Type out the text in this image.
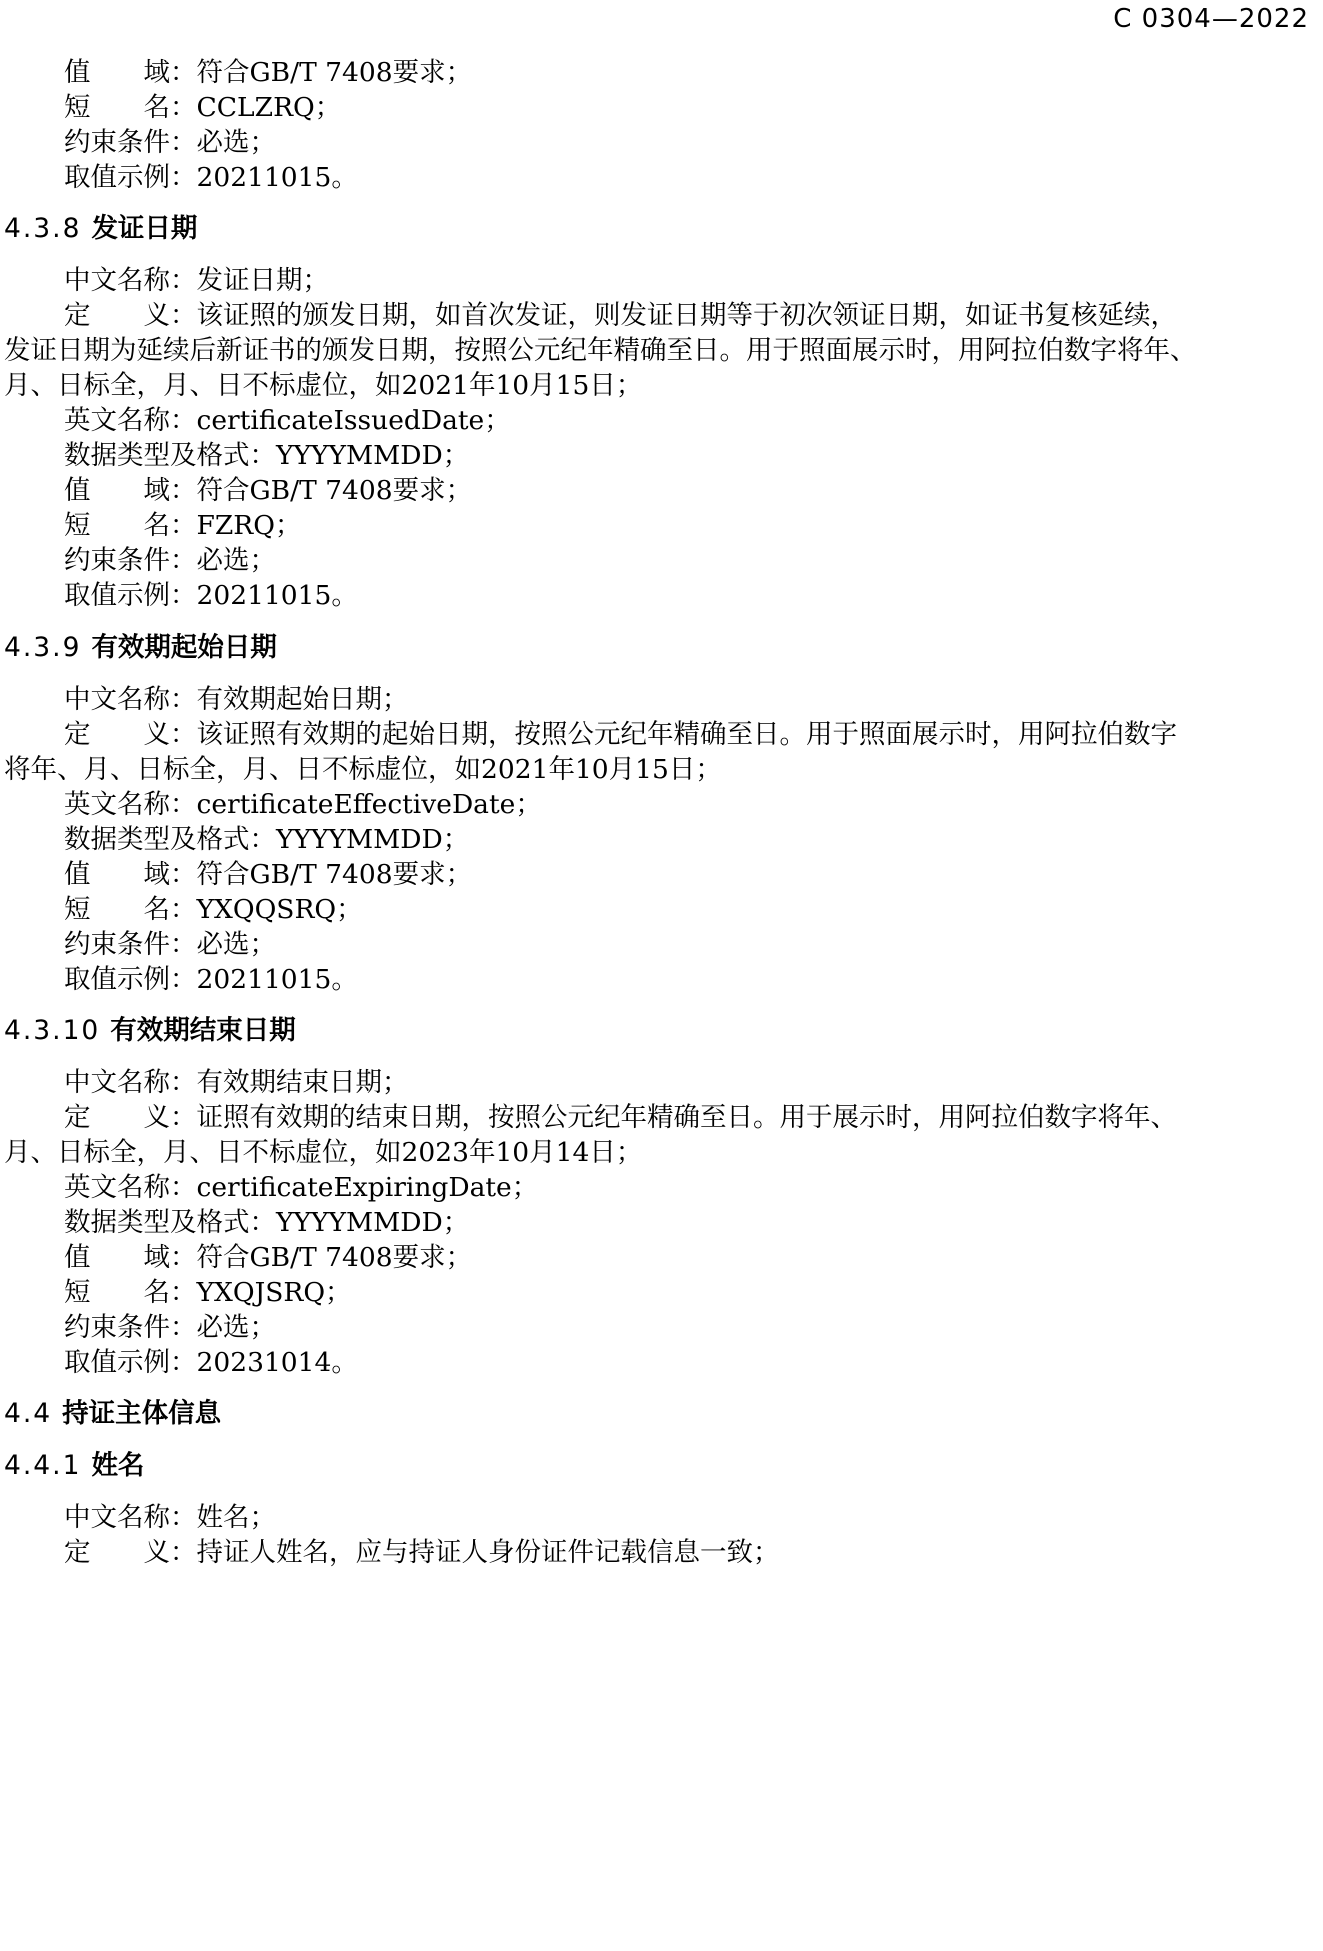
C 0304—2022
值　　域：符合GB/T 7408要求；
短　　名：CCLZRQ；
约束条件：必选；
取值示例：20211015。
4.3.8 发证日期
中文名称：发证日期；
定　　义：该证照的颁发日期，如首次发证，则发证日期等于初次领证日期，如证书复核延续，
发证日期为延续后新证书的颁发日期，按照公元纪年精确至日。用于照面展示时，用阿拉伯数字将年、
月、日标全，月、日不标虚位，如2021年10月15日；
英文名称：certificateIssuedDate；
数据类型及格式：YYYYMMDD；
值　　域：符合GB/T 7408要求；
短　　名：FZRQ；
约束条件：必选；
取值示例：20211015。
4.3.9 有效期起始日期
中文名称：有效期起始日期；
定　　义：该证照有效期的起始日期，按照公元纪年精确至日。用于照面展示时，用阿拉伯数字
将年、月、日标全，月、日不标虚位，如2021年10月15日；
英文名称：certificateEffectiveDate；
数据类型及格式：YYYYMMDD；
值　　域：符合GB/T 7408要求；
短　　名：YXQQSRQ；
约束条件：必选；
取值示例：20211015。
4.3.10 有效期结束日期
中文名称：有效期结束日期；
定　　义：证照有效期的结束日期，按照公元纪年精确至日。用于展示时，用阿拉伯数字将年、
月、日标全，月、日不标虚位，如2023年10月14日；
英文名称：certificateExpiringDate；
数据类型及格式：YYYYMMDD；
值　　域：符合GB/T 7408要求；
短　　名：YXQJSRQ；
约束条件：必选；
取值示例：20231014。
4.4 持证主体信息
4.4.1 姓名
中文名称：姓名；
定　　义：持证人姓名，应与持证人身份证件记载信息一致；
